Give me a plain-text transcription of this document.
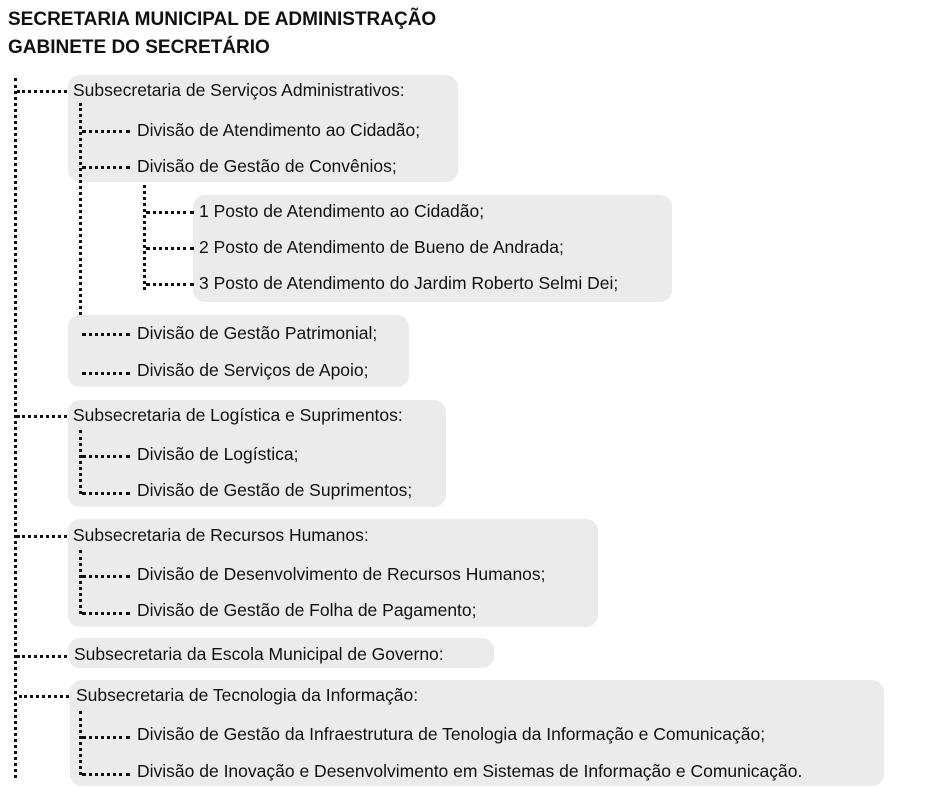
SECRETARIA MUNICIPAL DE ADMINISTRAÇÃO
GABINETE DO SECRETÁRIO
Subsecretaria de Serviços Administrativos:
Divisão de Atendimento ao Cidadão;
Divisão de Gestão de Convênios;
1 Posto de Atendimento ao Cidadão;
2 Posto de Atendimento de Bueno de Andrada;
3 Posto de Atendimento do Jardim Roberto Selmi Dei;
Divisão de Gestão Patrimonial;
Divisão de Serviços de Apoio;
Subsecretaria de Logística e Suprimentos:
Divisão de Logística;
Divisão de Gestão de Suprimentos;
Subsecretaria de Recursos Humanos:
Divisão de Desenvolvimento de Recursos Humanos;
Divisão de Gestão de Folha de Pagamento;
Subsecretaria da Escola Municipal de Governo:
Subsecretaria de Tecnologia da Informação:
Divisão de Gestão da Infraestrutura de Tenologia da Informação e Comunicação;
Divisão de Inovação e Desenvolvimento em Sistemas de Informação e Comunicação.
